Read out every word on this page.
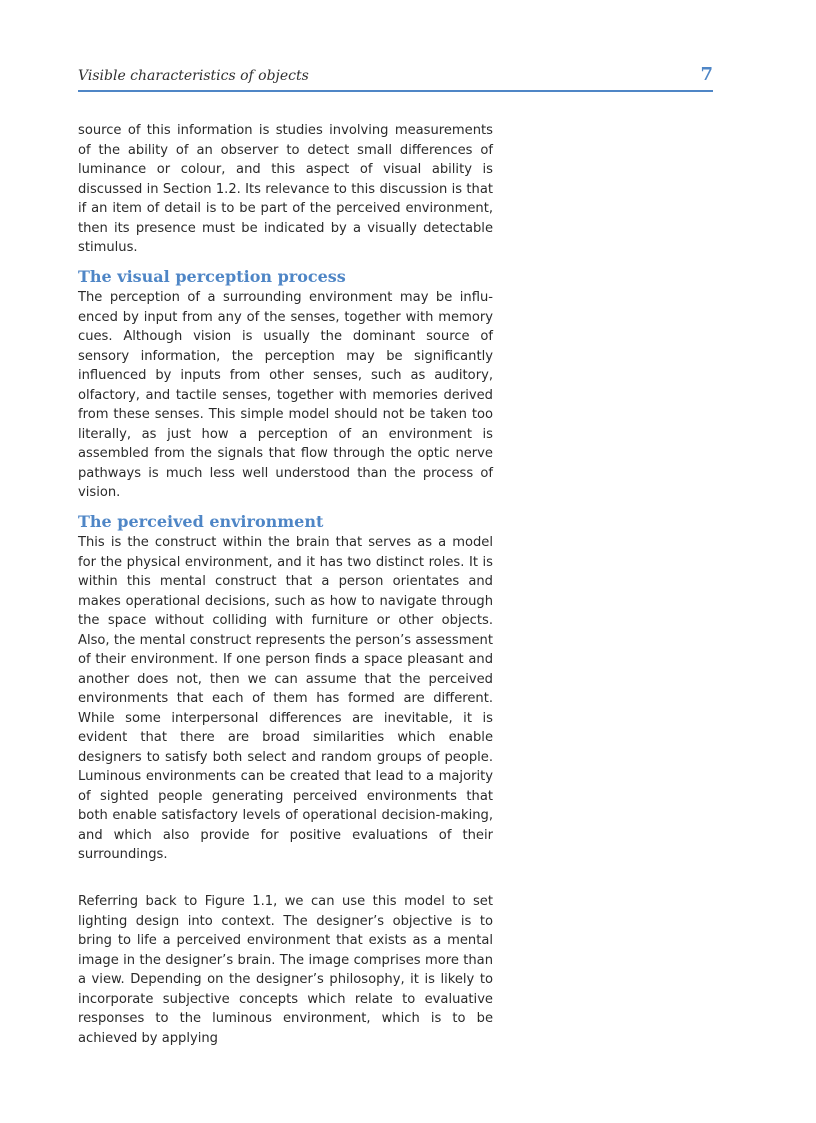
Visible characteristics of objects	7

source of this information is studies involving measurements of the ability of an observer to detect small differences of luminance or colour, and this aspect of visual ability is discussed in Section 1.2. Its relevance to this discussion is that if an item of detail is to be part of the perceived environment, then its presence must be indicated by a visually detectable stimulus.

The visual perception process

The perception of a surrounding environment may be influenced by input from any of the senses, together with memory cues. Although vision is usually the dominant source of sensory information, the perception may be significantly influenced by inputs from other senses, such as auditory, olfactory, and tactile senses, together with memories derived from these senses. This simple model should not be taken too literally, as just how a perception of an environment is assembled from the signals that flow through the optic nerve pathways is much less well understood than the process of vision.

The perceived environment

This is the construct within the brain that serves as a model for the physical environment, and it has two distinct roles. It is within this mental construct that a person orientates and makes operational decisions, such as how to navigate through the space without colliding with furniture or other objects. Also, the mental construct represents the person’s assessment of their environment. If one person finds a space pleasant and another does not, then we can assume that the perceived environments that each of them has formed are different. While some interpersonal differences are inevitable, it is evident that there are broad similarities which enable designers to satisfy both select and random groups of people. Luminous environments can be created that lead to a majority of sighted people generating perceived environments that both enable satisfactory levels of operational decision-making, and which also provide for positive evaluations of their surroundings.

Referring back to Figure 1.1, we can use this model to set lighting design into context. The designer’s objective is to bring to life a perceived environment that exists as a mental image in the designer’s brain. The image comprises more than a view. Depending on the designer’s philosophy, it is likely to incorporate subjective concepts which relate to evaluative responses to the luminous environment, which is to be achieved by applying
